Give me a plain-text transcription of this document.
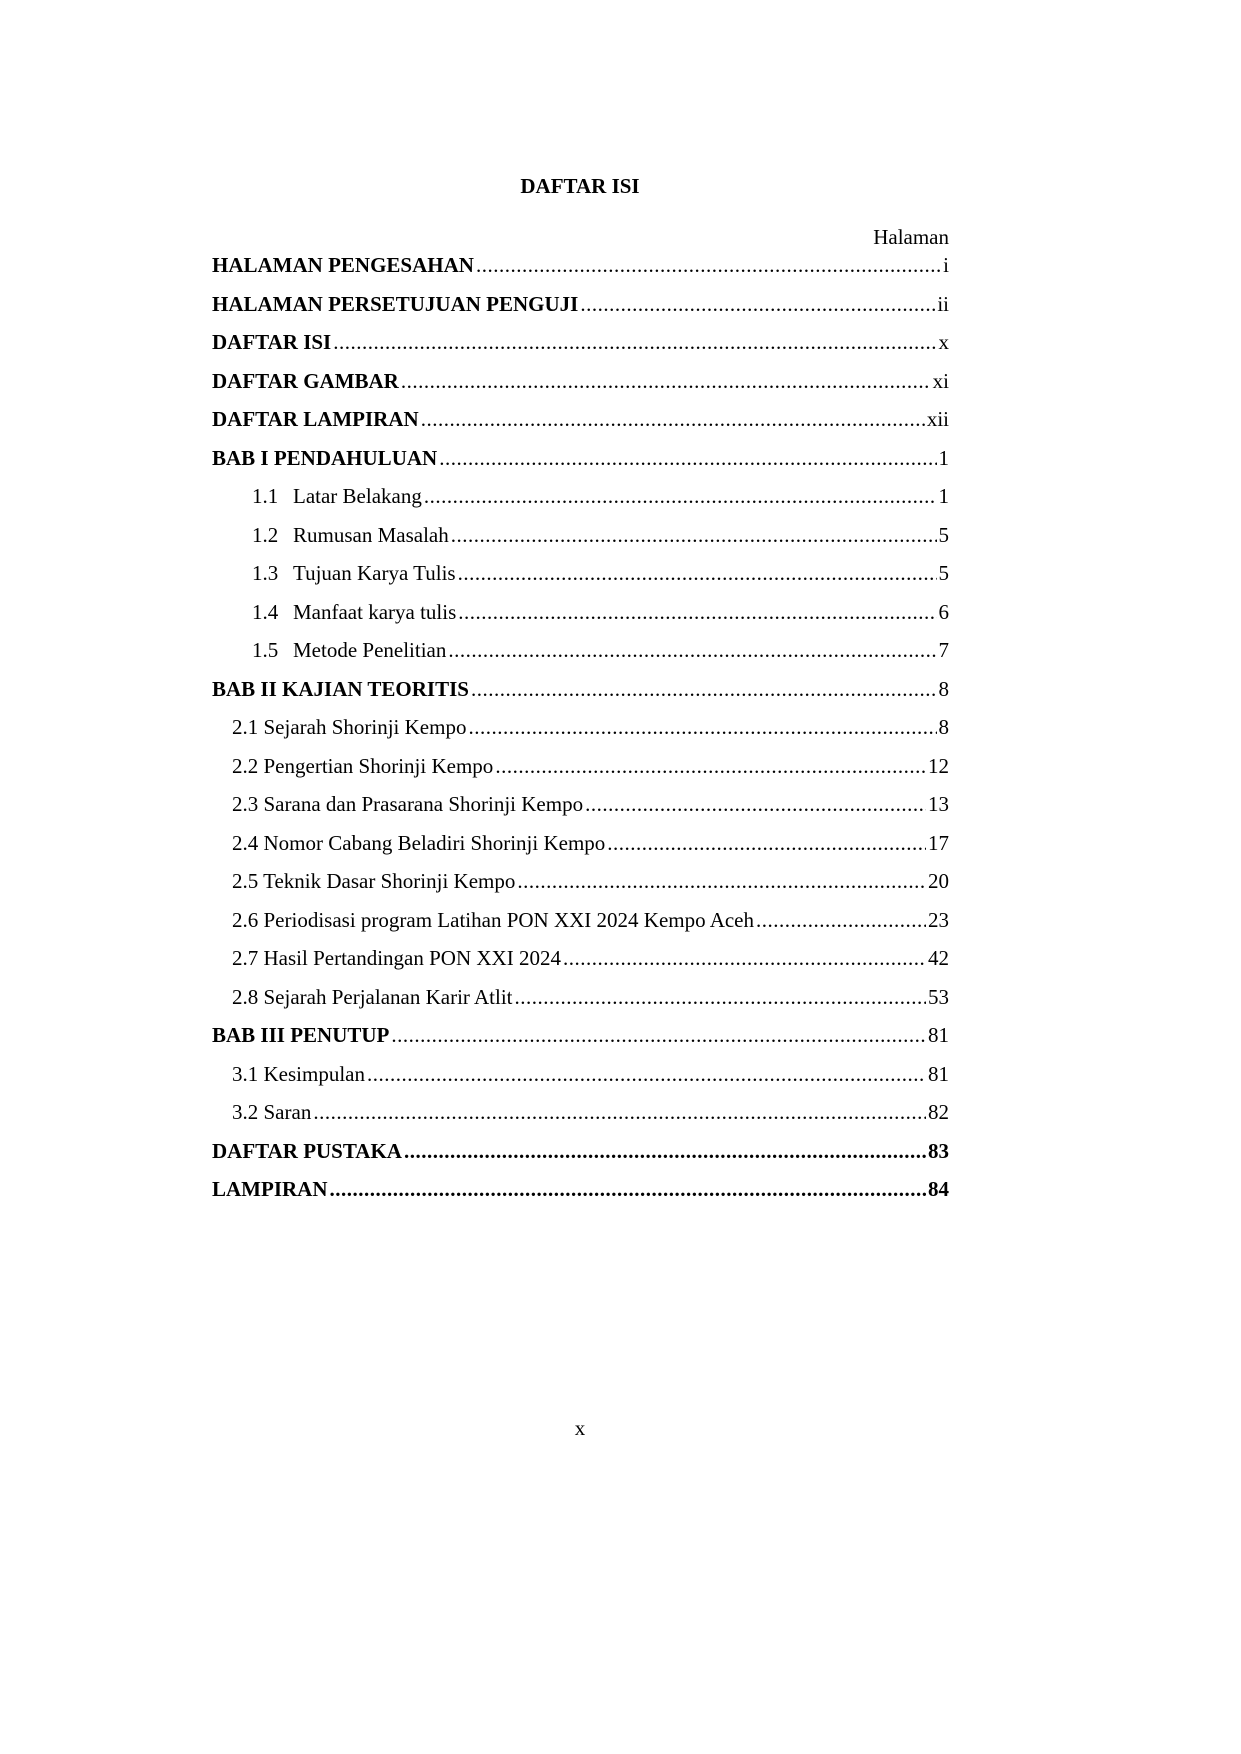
DAFTAR ISI
Halaman
HALAMAN PENGESAHAN .....	i
HALAMAN PERSETUJUAN PENGUJI .....	ii
DAFTAR ISI .....	x
DAFTAR GAMBAR .....	xi
DAFTAR LAMPIRAN .....	xii
BAB I PENDAHULUAN .....	1
1.1 Latar Belakang .....	1
1.2 Rumusan Masalah .....	5
1.3 Tujuan Karya Tulis .....	5
1.4 Manfaat karya tulis .....	6
1.5 Metode Penelitian .....	7
BAB II KAJIAN TEORITIS .....	8
2.1 Sejarah Shorinji Kempo .....	8
2.2 Pengertian Shorinji Kempo .....	12
2.3 Sarana dan Prasarana Shorinji Kempo .....	13
2.4 Nomor Cabang Beladiri Shorinji Kempo .....	17
2.5 Teknik Dasar Shorinji Kempo .....	20
2.6 Periodisasi program Latihan PON XXI 2024 Kempo Aceh .....	23
2.7 Hasil Pertandingan PON XXI 2024 .....	42
2.8 Sejarah Perjalanan Karir Atlit .....	53
BAB III PENUTUP .....	81
3.1 Kesimpulan .....	81
3.2 Saran .....	82
DAFTAR PUSTAKA .....	83
LAMPIRAN .....	84
x
